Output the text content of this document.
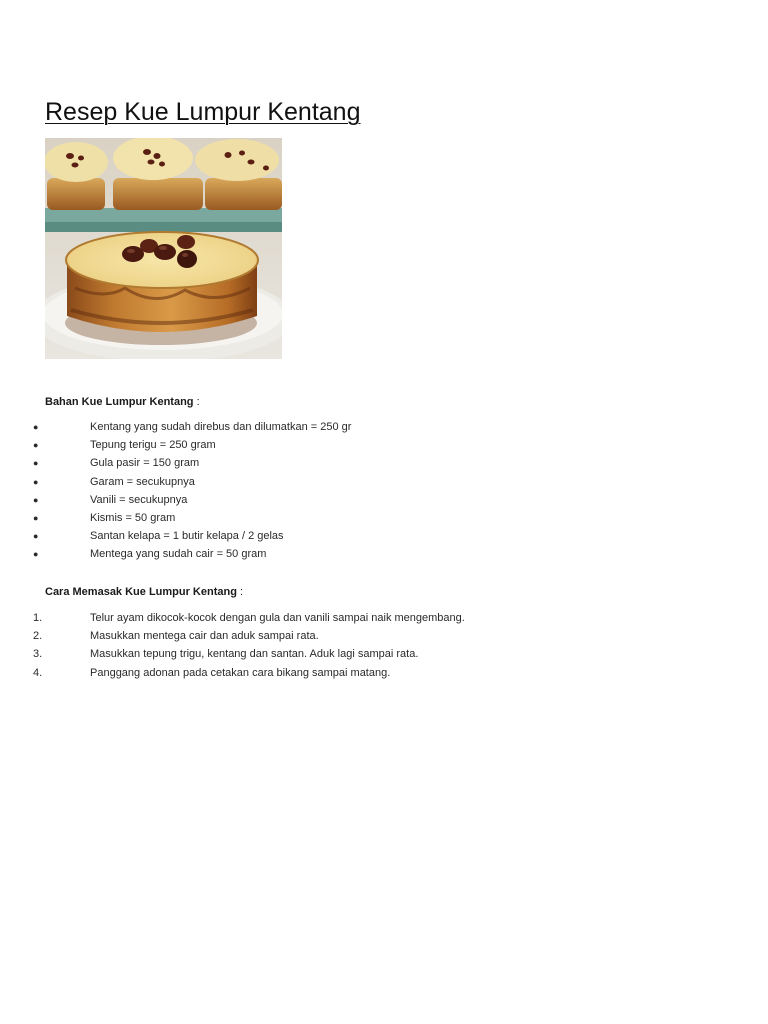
Resep Kue Lumpur Kentang
Bahan Kue Lumpur Kentang :
●	Kentang yang sudah direbus dan dilumatkan = 250 gr
●	Tepung terigu = 250 gram
●	Gula pasir = 150 gram
●	Garam = secukupnya
●	Vanili = secukupnya
●	Kismis = 50 gram
●	Santan kelapa = 1 butir kelapa / 2 gelas
●	Mentega yang sudah cair = 50 gram
Cara Memasak Kue Lumpur Kentang :
1.	Telur ayam dikocok-kocok dengan gula dan vanili sampai naik mengembang.
2.	Masukkan mentega cair dan aduk sampai rata.
3.	Masukkan tepung trigu, kentang dan santan. Aduk lagi sampai rata.
4.	Panggang adonan pada cetakan cara bikang sampai matang.
